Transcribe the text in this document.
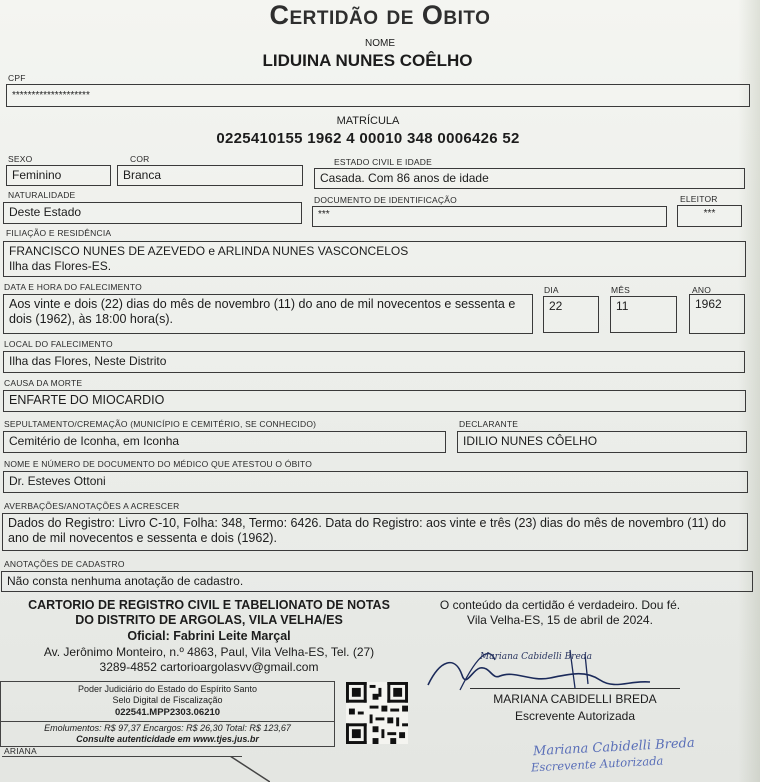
Certidão de Obito
NOME
LIDUINA NUNES COÊLHO
CPF
********************
MATRÍCULA
0225410155 1962 4 00010 348 0006426 52
SEXO
Feminino
COR
Branca
ESTADO CIVIL E IDADE
Casada. Com 86 anos de idade
NATURALIDADE
Deste Estado
DOCUMENTO DE IDENTIFICAÇÃO
***
ELEITOR
***
FILIAÇÃO E RESIDÊNCIA
FRANCISCO NUNES DE AZEVEDO e ARLINDA NUNES VASCONCELOS
Ilha das Flores-ES.
DATA E HORA DO FALECIMENTO
Aos vinte e dois (22) dias do mês de novembro (11) do ano de mil novecentos e sessenta e dois (1962), às 18:00 hora(s).
DIA
22
MÊS
11
ANO
1962
LOCAL DO FALECIMENTO
Ilha das Flores, Neste Distrito
CAUSA DA MORTE
ENFARTE DO MIOCARDIO
SEPULTAMENTO/CREMAÇÃO (MUNICÍPIO E CEMITÉRIO, SE CONHECIDO)
Cemitério de Iconha, em Iconha
DECLARANTE
IDILIO NUNES CÔELHO
NOME E NÚMERO DE DOCUMENTO DO MÉDICO QUE ATESTOU O ÓBITO
Dr. Esteves Ottoni
AVERBAÇÕES/ANOTAÇÕES A ACRESCER
Dados do Registro: Livro C-10, Folha: 348, Termo: 6426. Data do Registro: aos vinte e três (23) dias do mês de novembro (11) do ano de mil novecentos e sessenta e dois (1962).
ANOTAÇÕES DE CADASTRO
Não consta nenhuma anotação de cadastro.
CARTORIO DE REGISTRO CIVIL E TABELIONATO DE NOTAS
DO DISTRITO DE ARGOLAS, VILA VELHA/ES
Oficial: Fabrini Leite Marçal
Av. Jerônimo Monteiro, n.º 4863, Paul, Vila Velha-ES, Tel. (27)
3289-4852 cartorioargolasvv@gmail.com
O conteúdo da certidão é verdadeiro. Dou fé.
Vila Velha-ES, 15 de abril de 2024.
Mariana Cabidelli Breda
MARIANA CABIDELLI BREDA
Escrevente Autorizada
Poder Judiciário do Estado do Espírito Santo
Selo Digital de Fiscalização
022541.MPP2303.06210
Emolumentos: R$ 97,37 Encargos: R$ 26,30 Total: R$ 123,67
Consulte autenticidade em www.tjes.jus.br	Mariana Cabidelli Breda
Escrevente Autorizada
ARIANA
